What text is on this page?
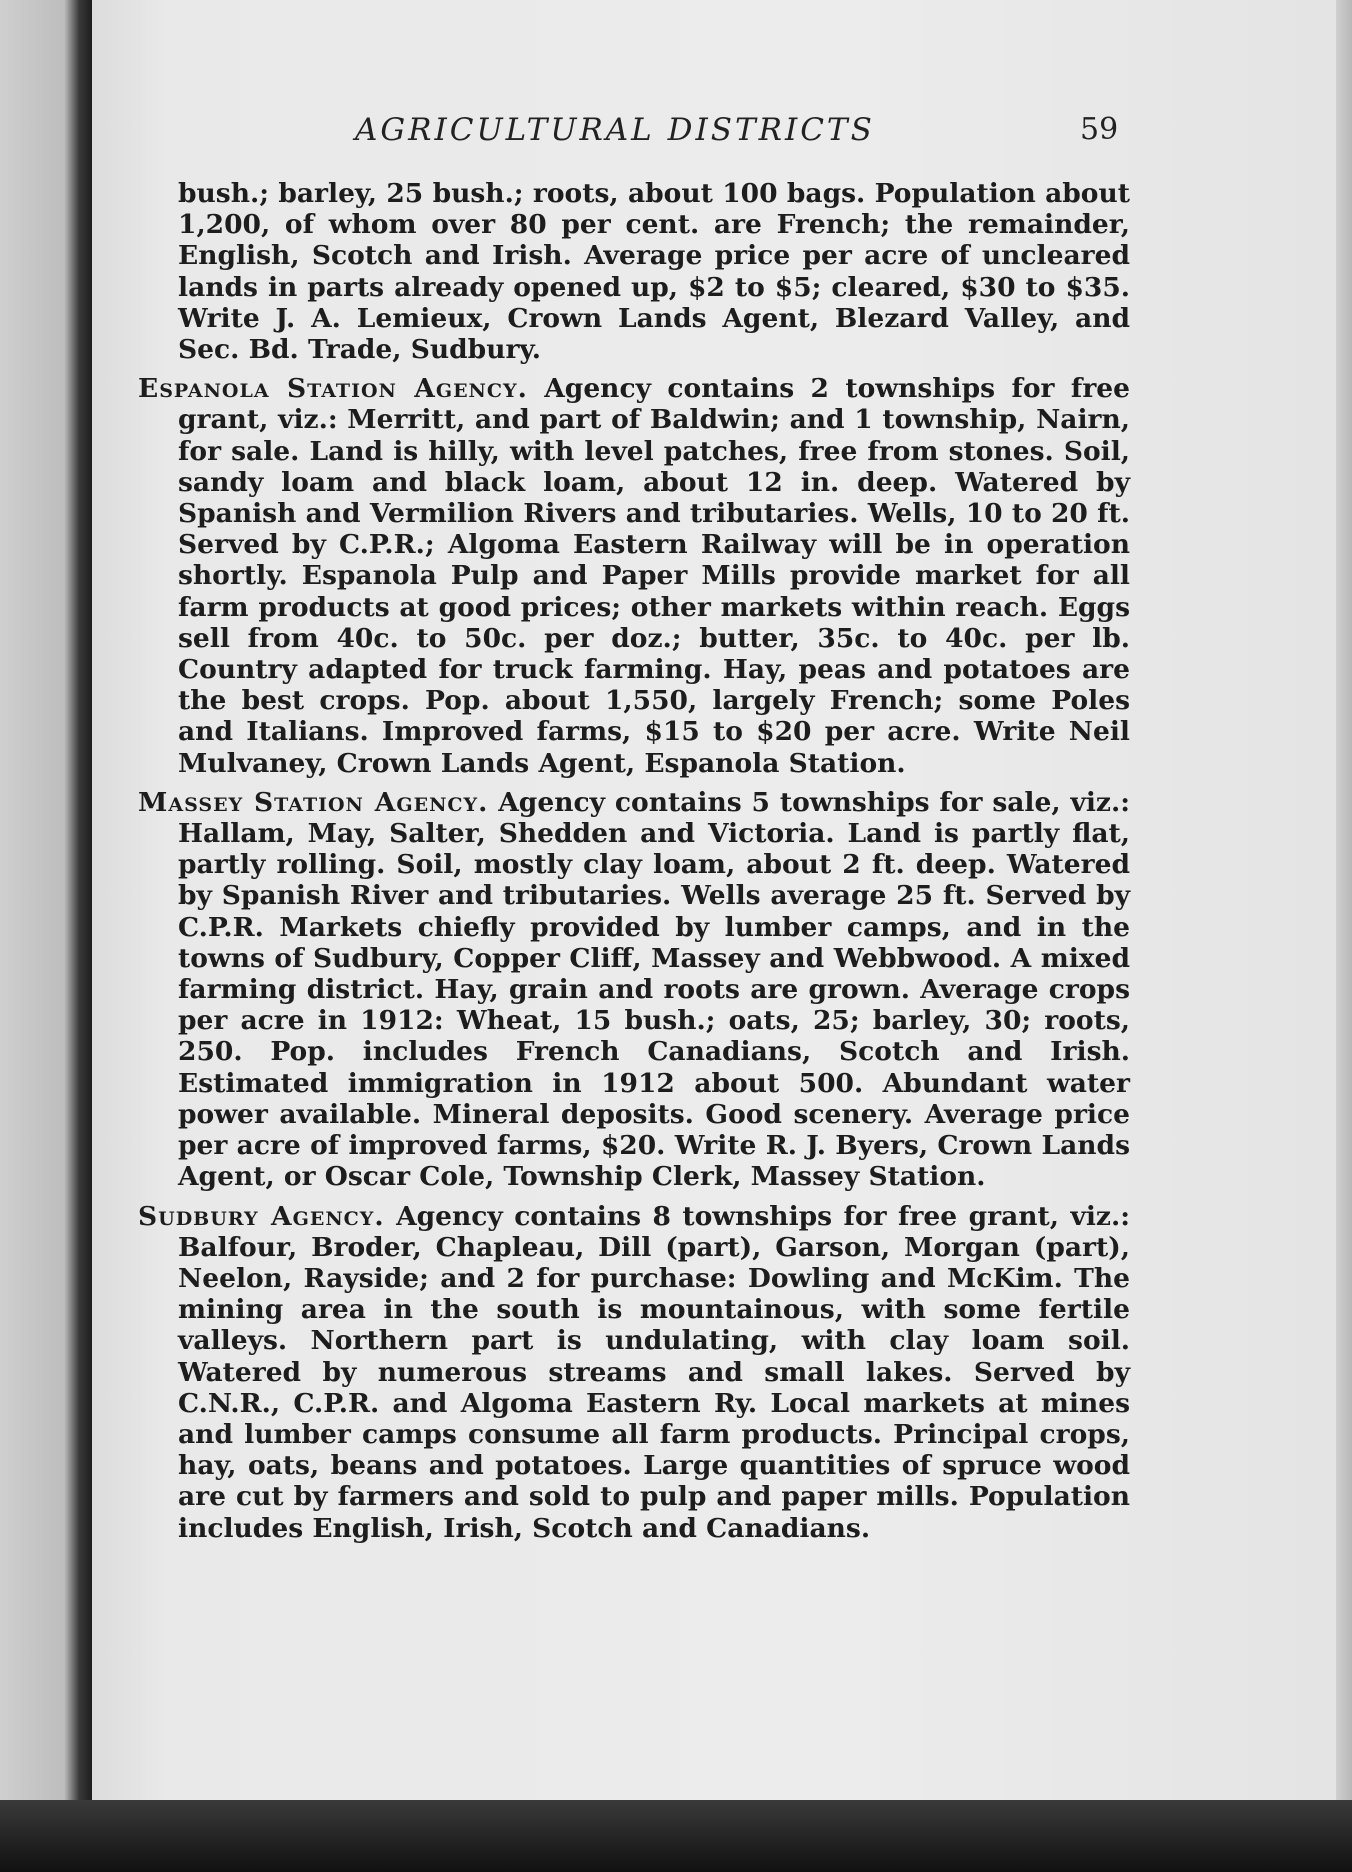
AGRICULTURAL DISTRICTS	59

bush.; barley, 25 bush.; roots, about 100 bags. Population about 1,200, of whom over 80 per cent. are French; the remainder, English, Scotch and Irish. Average price per acre of uncleared lands in parts already opened up, $2 to $5; cleared, $30 to $35. Write J. A. Lemieux, Crown Lands Agent, Blezard Valley, and Sec. Bd. Trade, Sudbury.

Espanola Station Agency. Agency contains 2 townships for free grant, viz.: Merritt, and part of Baldwin; and 1 township, Nairn, for sale. Land is hilly, with level patches, free from stones. Soil, sandy loam and black loam, about 12 in. deep. Watered by Spanish and Vermilion Rivers and tributaries. Wells, 10 to 20 ft. Served by C.P.R.; Algoma Eastern Railway will be in operation shortly. Espanola Pulp and Paper Mills provide market for all farm products at good prices; other markets within reach. Eggs sell from 40c. to 50c. per doz.; butter, 35c. to 40c. per lb. Country adapted for truck farming. Hay, peas and potatoes are the best crops. Pop. about 1,550, largely French; some Poles and Italians. Improved farms, $15 to $20 per acre. Write Neil Mulvaney, Crown Lands Agent, Espanola Station.

Massey Station Agency. Agency contains 5 townships for sale, viz.: Hallam, May, Salter, Shedden and Victoria. Land is partly flat, partly rolling. Soil, mostly clay loam, about 2 ft. deep. Watered by Spanish River and tributaries. Wells average 25 ft. Served by C.P.R. Markets chiefly provided by lumber camps, and in the towns of Sudbury, Copper Cliff, Massey and Webbwood. A mixed farming district. Hay, grain and roots are grown. Average crops per acre in 1912: Wheat, 15 bush.; oats, 25; barley, 30; roots, 250. Pop. includes French Canadians, Scotch and Irish. Estimated immigration in 1912 about 500. Abundant water power available. Mineral deposits. Good scenery. Average price per acre of improved farms, $20. Write R. J. Byers, Crown Lands Agent, or Oscar Cole, Township Clerk, Massey Station.

Sudbury Agency. Agency contains 8 townships for free grant, viz.: Balfour, Broder, Chapleau, Dill (part), Garson, Morgan (part), Neelon, Rayside; and 2 for purchase: Dowling and McKim. The mining area in the south is mountainous, with some fertile valleys. Northern part is undulating, with clay loam soil. Watered by numerous streams and small lakes. Served by C.N.R., C.P.R. and Algoma Eastern Ry. Local markets at mines and lumber camps consume all farm products. Principal crops, hay, oats, beans and potatoes. Large quantities of spruce wood are cut by farmers and sold to pulp and paper mills. Population includes English, Irish, Scotch and Canadians.
